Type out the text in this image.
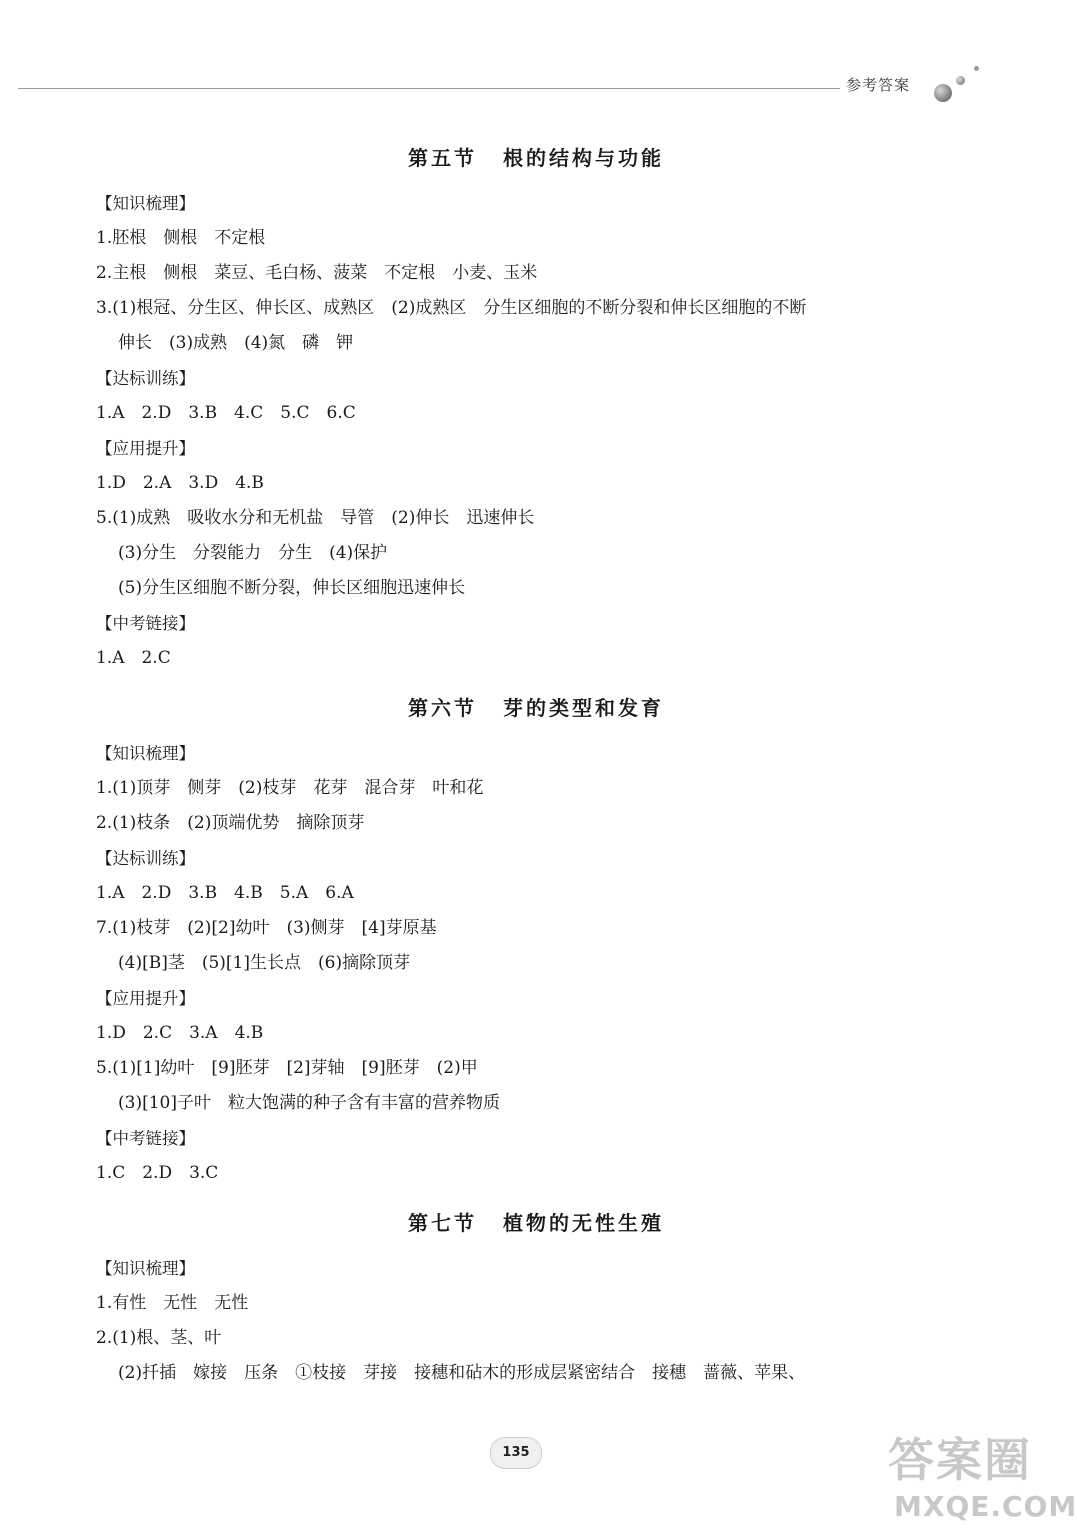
参考答案
第五节 根的结构与功能
【知识梳理】
1.胚根　侧根　不定根
2.主根　侧根　菜豆、毛白杨、菠菜　不定根　小麦、玉米
3.(1)根冠、分生区、伸长区、成熟区　(2)成熟区　分生区细胞的不断分裂和伸长区细胞的不断
伸长　(3)成熟　(4)氮　磷　钾
【达标训练】
1.A　2.D　3.B　4.C　5.C　6.C
【应用提升】
1.D　2.A　3.D　4.B
5.(1)成熟　吸收水分和无机盐　导管　(2)伸长　迅速伸长
(3)分生　分裂能力　分生　(4)保护
(5)分生区细胞不断分裂，伸长区细胞迅速伸长
【中考链接】
1.A　2.C
第六节 芽的类型和发育
【知识梳理】
1.(1)顶芽　侧芽　(2)枝芽　花芽　混合芽　叶和花
2.(1)枝条　(2)顶端优势　摘除顶芽
【达标训练】
1.A　2.D　3.B　4.B　5.A　6.A
7.(1)枝芽　(2)[2]幼叶　(3)侧芽　[4]芽原基
(4)[B]茎　(5)[1]生长点　(6)摘除顶芽
【应用提升】
1.D　2.C　3.A　4.B
5.(1)[1]幼叶　[9]胚芽　[2]芽轴　[9]胚芽　(2)甲
(3)[10]子叶　粒大饱满的种子含有丰富的营养物质
【中考链接】
1.C　2.D　3.C
第七节 植物的无性生殖
【知识梳理】
1.有性　无性　无性
2.(1)根、茎、叶
(2)扦插　嫁接　压条　①枝接　芽接　接穗和砧木的形成层紧密结合　接穗　蔷薇、苹果、
135	答案圈
MXQE.COM
